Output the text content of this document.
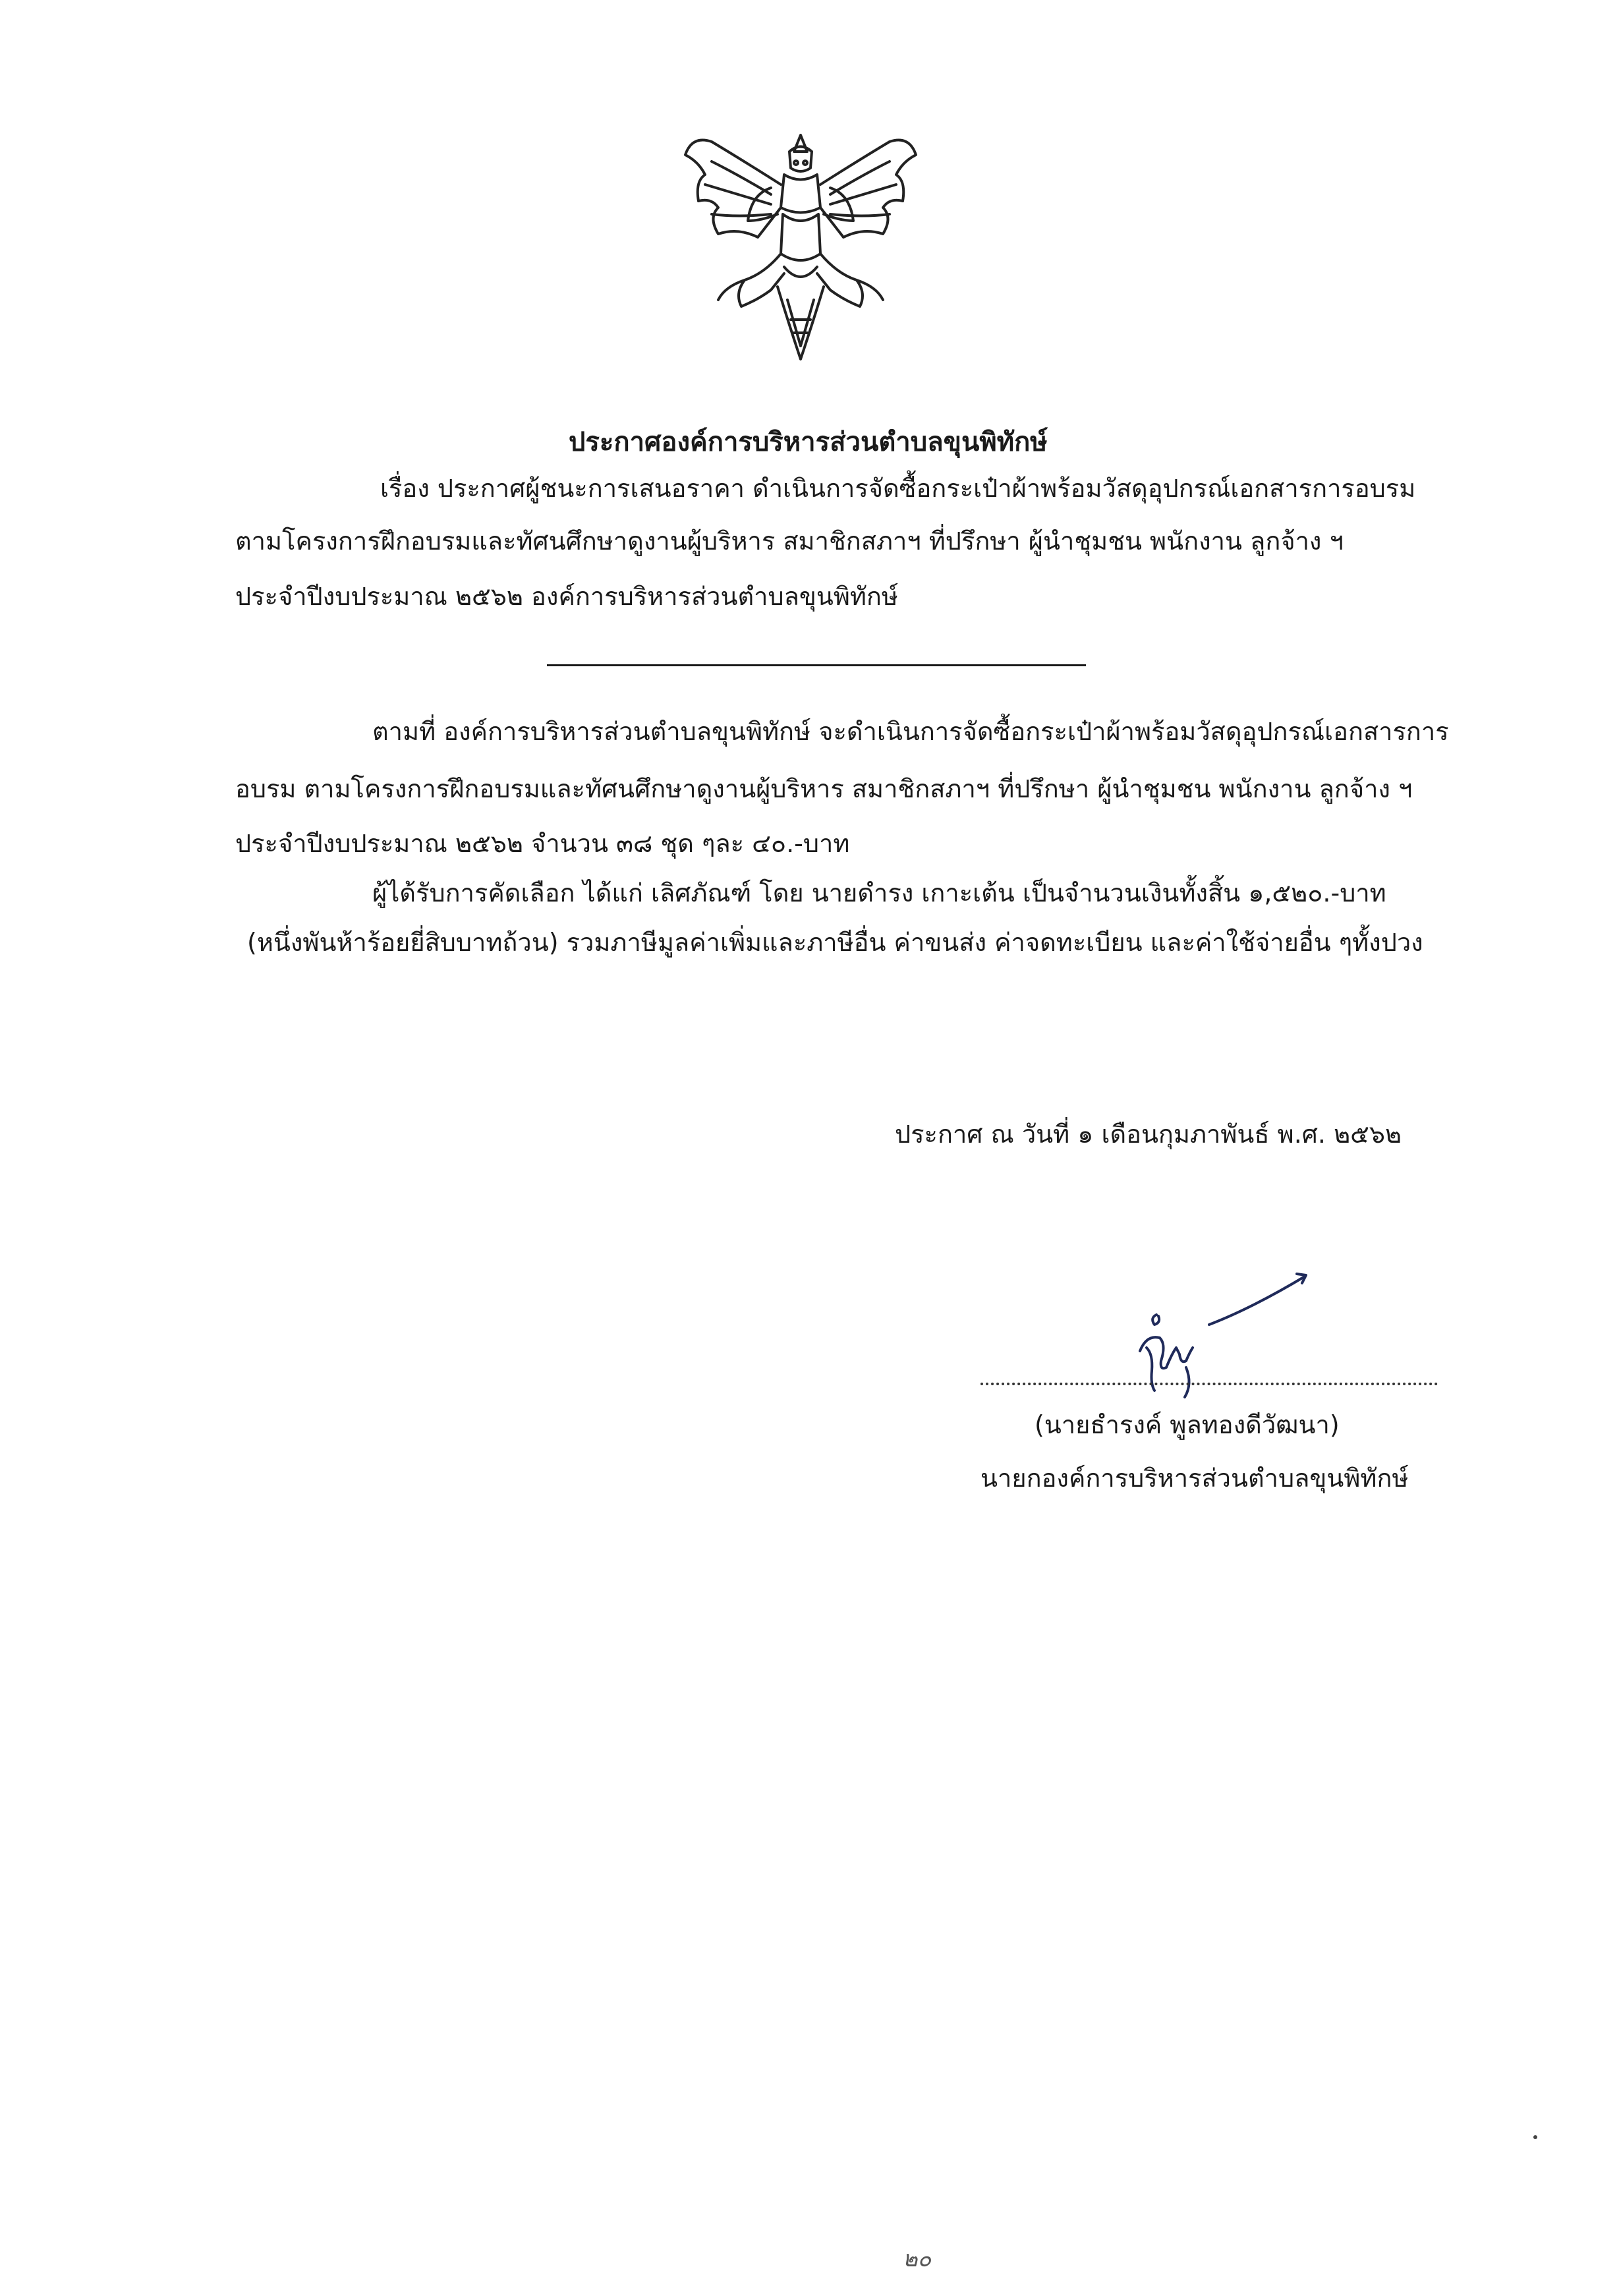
ประกาศองค์การบริหารส่วนตำบลขุนพิทักษ์
เรื่อง ประกาศผู้ชนะการเสนอราคา ดำเนินการจัดซื้อกระเป๋าผ้าพร้อมวัสดุอุปกรณ์เอกสารการอบรม
ตามโครงการฝึกอบรมและทัศนศึกษาดูงานผู้บริหาร สมาชิกสภาฯ ที่ปรึกษา ผู้นำชุมชน พนักงาน ลูกจ้าง ฯ
ประจำปีงบประมาณ ๒๕๖๒ องค์การบริหารส่วนตำบลขุนพิทักษ์
ตามที่ องค์การบริหารส่วนตำบลขุนพิทักษ์ จะดำเนินการจัดซื้อกระเป๋าผ้าพร้อมวัสดุอุปกรณ์เอกสารการ
อบรม ตามโครงการฝึกอบรมและทัศนศึกษาดูงานผู้บริหาร สมาชิกสภาฯ ที่ปรึกษา ผู้นำชุมชน พนักงาน ลูกจ้าง ฯ
ประจำปีงบประมาณ ๒๕๖๒ จำนวน ๓๘ ชุด ๆละ ๔๐.-บาท
ผู้ได้รับการคัดเลือก ได้แก่ เลิศภัณฑ์ โดย นายดำรง เกาะเต้น เป็นจำนวนเงินทั้งสิ้น ๑,๕๒๐.-บาท
(หนึ่งพันห้าร้อยยี่สิบบาทถ้วน) รวมภาษีมูลค่าเพิ่มและภาษีอื่น ค่าขนส่ง ค่าจดทะเบียน และค่าใช้จ่ายอื่น ๆทั้งปวง
ประกาศ ณ วันที่ ๑ เดือนกุมภาพันธ์ พ.ศ. ๒๕๖๒
(นายธำรงค์ พูลทองดีวัฒนา)
นายกองค์การบริหารส่วนตำบลขุนพิทักษ์
๒๐
